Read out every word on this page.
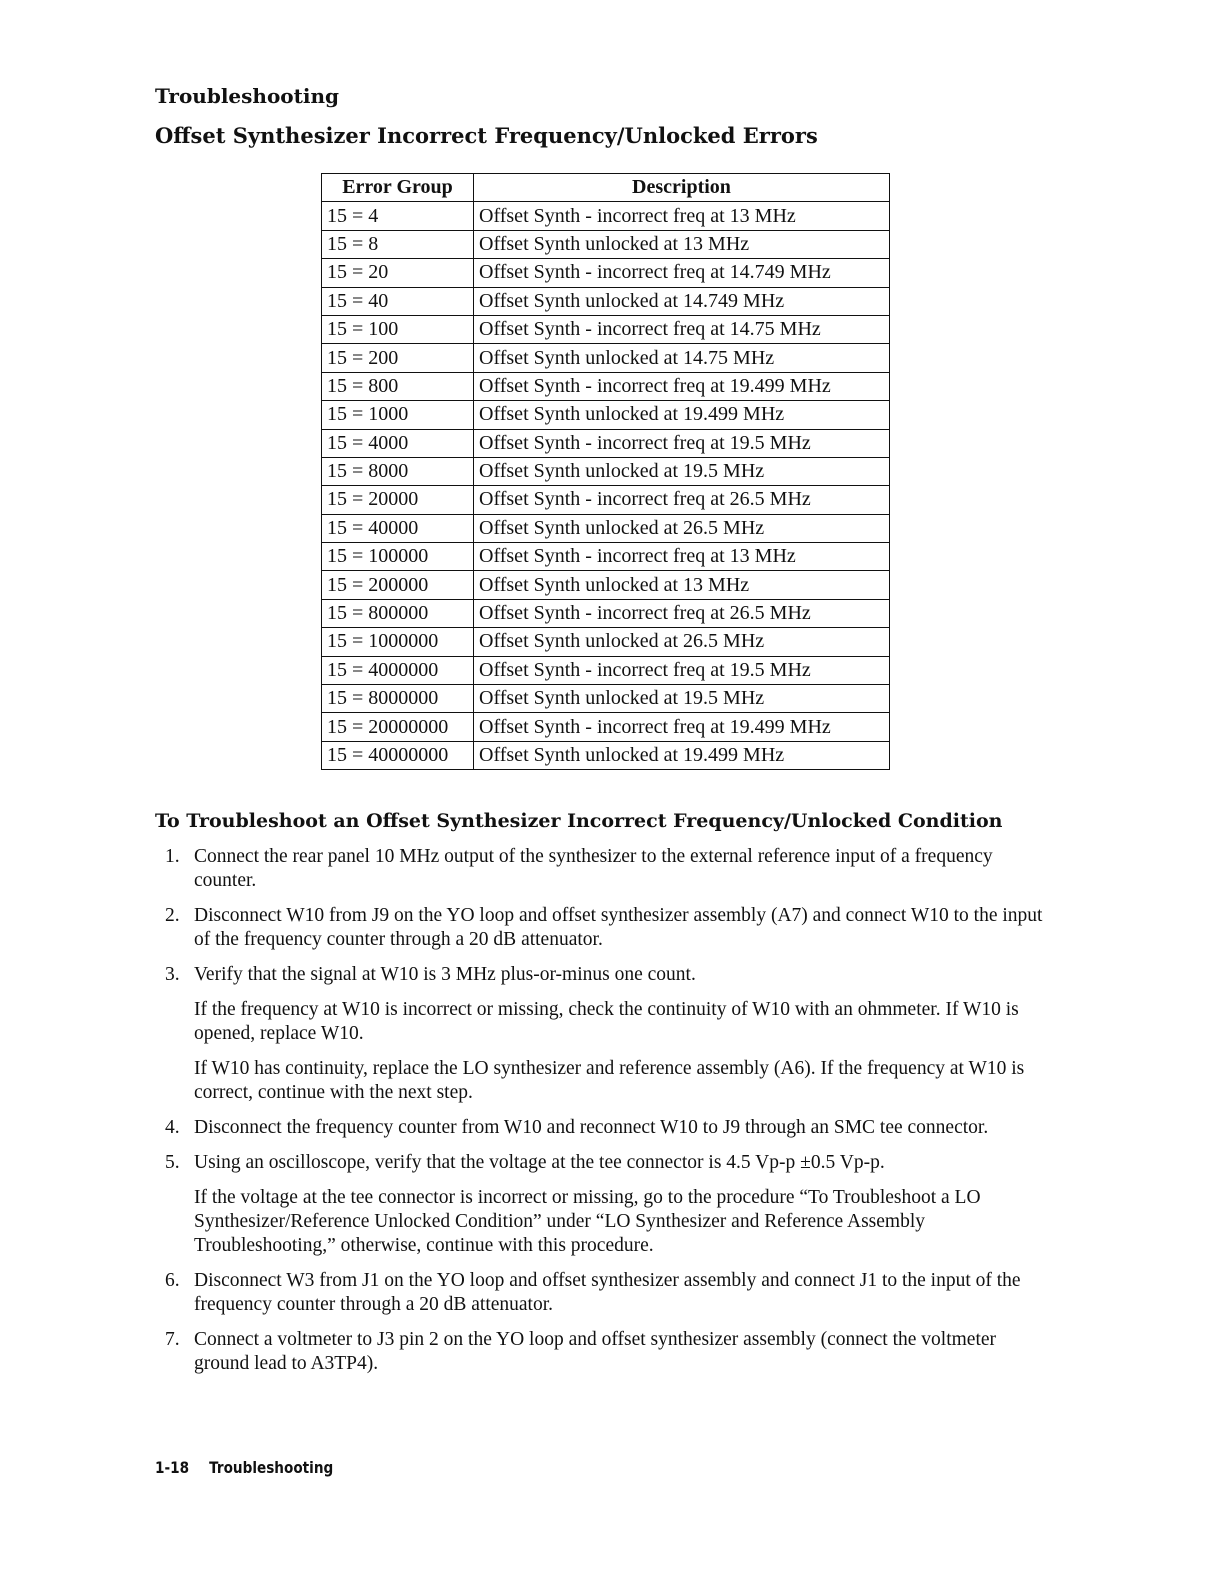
Troubleshooting
Offset Synthesizer Incorrect Frequency/Unlocked Errors
Error Group	Description
15 = 4	Offset Synth - incorrect freq at 13 MHz
15 = 8	Offset Synth unlocked at 13 MHz
15 = 20	Offset Synth - incorrect freq at 14.749 MHz
15 = 40	Offset Synth unlocked at 14.749 MHz
15 = 100	Offset Synth - incorrect freq at 14.75 MHz
15 = 200	Offset Synth unlocked at 14.75 MHz
15 = 800	Offset Synth - incorrect freq at 19.499 MHz
15 = 1000	Offset Synth unlocked at 19.499 MHz
15 = 4000	Offset Synth - incorrect freq at 19.5 MHz
15 = 8000	Offset Synth unlocked at 19.5 MHz
15 = 20000	Offset Synth - incorrect freq at 26.5 MHz
15 = 40000	Offset Synth unlocked at 26.5 MHz
15 = 100000	Offset Synth - incorrect freq at 13 MHz
15 = 200000	Offset Synth unlocked at 13 MHz
15 = 800000	Offset Synth - incorrect freq at 26.5 MHz
15 = 1000000	Offset Synth unlocked at 26.5 MHz
15 = 4000000	Offset Synth - incorrect freq at 19.5 MHz
15 = 8000000	Offset Synth unlocked at 19.5 MHz
15 = 20000000	Offset Synth - incorrect freq at 19.499 MHz
15 = 40000000	Offset Synth unlocked at 19.499 MHz
To Troubleshoot an Offset Synthesizer Incorrect Frequency/Unlocked Condition
1. Connect the rear panel 10 MHz output of the synthesizer to the external reference input of a frequency counter.
2. Disconnect W10 from J9 on the YO loop and offset synthesizer assembly (A7) and connect W10 to the input of the frequency counter through a 20 dB attenuator.
3. Verify that the signal at W10 is 3 MHz plus-or-minus one count.
If the frequency at W10 is incorrect or missing, check the continuity of W10 with an ohmmeter. If W10 is opened, replace W10.
If W10 has continuity, replace the LO synthesizer and reference assembly (A6). If the frequency at W10 is correct, continue with the next step.
4. Disconnect the frequency counter from W10 and reconnect W10 to J9 through an SMC tee connector.
5. Using an oscilloscope, verify that the voltage at the tee connector is 4.5 Vp-p ±0.5 Vp-p.
If the voltage at the tee connector is incorrect or missing, go to the procedure “To Troubleshoot a LO Synthesizer/Reference Unlocked Condition” under “LO Synthesizer and Reference Assembly Troubleshooting,” otherwise, continue with this procedure.
6. Disconnect W3 from J1 on the YO loop and offset synthesizer assembly and connect J1 to the input of the frequency counter through a 20 dB attenuator.
7. Connect a voltmeter to J3 pin 2 on the YO loop and offset synthesizer assembly (connect the voltmeter ground lead to A3TP4).
1-18 Troubleshooting
